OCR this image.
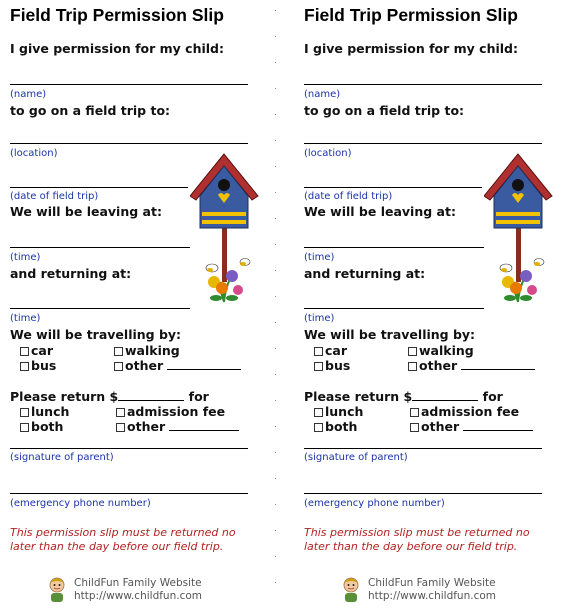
Field Trip Permission Slip
I give permission for my child:
(name)
to go on a field trip to:
(location)
(date of field trip)
We will be leaving at:
(time)
and returning at:
(time)
We will be travelling by:
car	walking
bus	other
Please return $	for
lunch	admission fee
both	other
(signature of parent)
(emergency phone number)
This permission slip must be returned no
later than the day before our field trip.
ChildFun Family Website
http://www.childfun.com
Field Trip Permission Slip
I give permission for my child:
(name)
to go on a field trip to:
(location)
(date of field trip)
We will be leaving at:
(time)
and returning at:
(time)
We will be travelling by:
car	walking
bus	other
Please return $	for
lunch	admission fee
both	other
(signature of parent)
(emergency phone number)
This permission slip must be returned no
later than the day before our field trip.
ChildFun Family Website
http://www.childfun.com
